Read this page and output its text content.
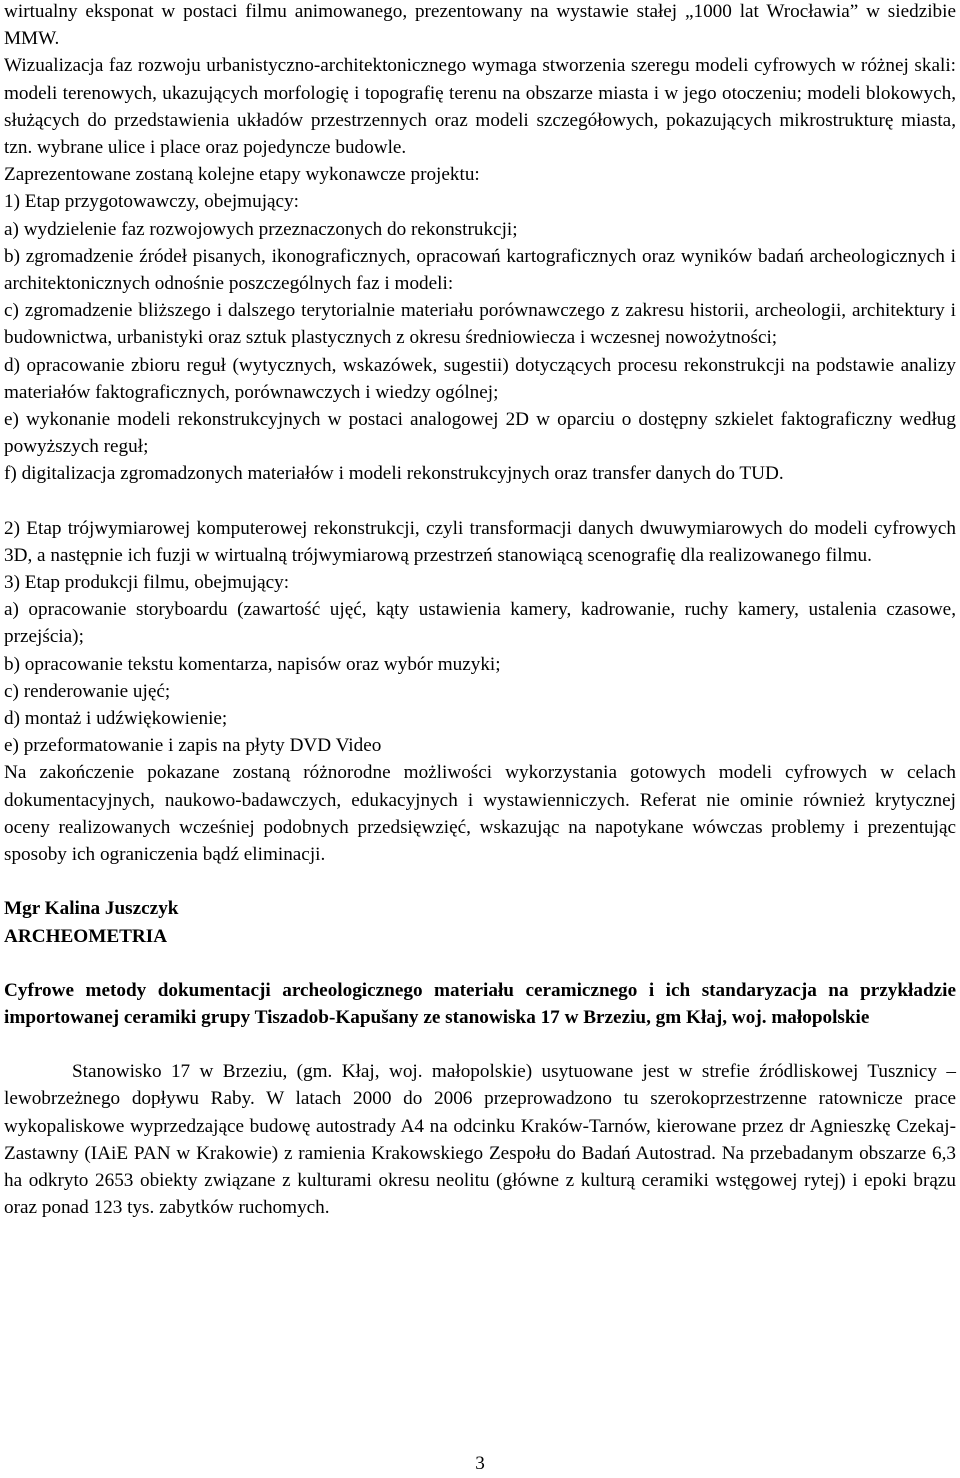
wirtualny eksponat w postaci filmu animowanego, prezentowany na wystawie stałej „1000 lat Wrocławia” w siedzibie MMW.

Wizualizacja faz rozwoju urbanistyczno-architektonicznego wymaga stworzenia szeregu modeli cyfrowych w różnej skali: modeli terenowych, ukazujących morfologię i topografię terenu na obszarze miasta i w jego otoczeniu; modeli blokowych, służących do przedstawienia układów przestrzennych oraz modeli szczegółowych, pokazujących mikrostrukturę miasta, tzn. wybrane ulice i place oraz pojedyncze budowle.

Zaprezentowane zostaną kolejne etapy wykonawcze projektu:

1) Etap przygotowawczy, obejmujący:

a) wydzielenie faz rozwojowych przeznaczonych do rekonstrukcji;

b) zgromadzenie źródeł pisanych, ikonograficznych, opracowań kartograficznych oraz wyników badań archeologicznych i architektonicznych odnośnie poszczególnych faz i modeli:

c) zgromadzenie bliższego i dalszego terytorialnie materiału porównawczego z zakresu historii, archeologii, architektury i budownictwa, urbanistyki oraz sztuk plastycznych z okresu średniowiecza i wczesnej nowożytności;

d) opracowanie zbioru reguł (wytycznych, wskazówek, sugestii) dotyczących procesu rekonstrukcji na podstawie analizy materiałów faktograficznych, porównawczych i wiedzy ogólnej;

e) wykonanie modeli rekonstrukcyjnych w postaci analogowej 2D w oparciu o dostępny szkielet faktograficzny według powyższych reguł;

f) digitalizacja zgromadzonych materiałów i modeli rekonstrukcyjnych oraz transfer danych do TUD.

2) Etap trójwymiarowej komputerowej rekonstrukcji, czyli transformacji danych dwuwymiarowych do modeli cyfrowych 3D, a następnie ich fuzji w wirtualną trójwymiarową przestrzeń stanowiącą scenografię dla realizowanego filmu.

3) Etap produkcji filmu, obejmujący:

a) opracowanie storyboardu (zawartość ujęć, kąty ustawienia kamery, kadrowanie, ruchy kamery, ustalenia czasowe, przejścia);

b) opracowanie tekstu komentarza, napisów oraz wybór muzyki;

c) renderowanie ujęć;

d) montaż i udźwiękowienie;

e) przeformatowanie i zapis na płyty DVD Video

Na zakończenie pokazane zostaną różnorodne możliwości wykorzystania gotowych modeli cyfrowych w celach dokumentacyjnych, naukowo-badawczych, edukacyjnych i wystawienniczych. Referat nie ominie również krytycznej oceny realizowanych wcześniej podobnych przedsięwzięć, wskazując na napotykane wówczas problemy i prezentując sposoby ich ograniczenia bądź eliminacji.

Mgr Kalina Juszczyk

ARCHEOMETRIA

Cyfrowe metody dokumentacji archeologicznego materiału ceramicznego i ich standaryzacja na przykładzie importowanej ceramiki grupy Tiszadob-Kapušany ze stanowiska 17 w Brzeziu, gm Kłaj, woj. małopolskie

Stanowisko 17 w Brzeziu, (gm. Kłaj, woj. małopolskie) usytuowane jest w strefie źródliskowej Tusznicy – lewobrzeżnego dopływu Raby. W latach 2000 do 2006 przeprowadzono tu szerokoprzestrzenne ratownicze prace wykopaliskowe wyprzedzające budowę autostrady A4 na odcinku Kraków-Tarnów, kierowane przez dr Agnieszkę Czekaj-Zastawny (IAiE PAN w Krakowie) z ramienia Krakowskiego Zespołu do Badań Autostrad. Na przebadanym obszarze 6,3 ha odkryto 2653 obiekty związane z kulturami okresu neolitu (główne z kulturą ceramiki wstęgowej rytej) i epoki brązu oraz ponad 123 tys. zabytków ruchomych.

3
